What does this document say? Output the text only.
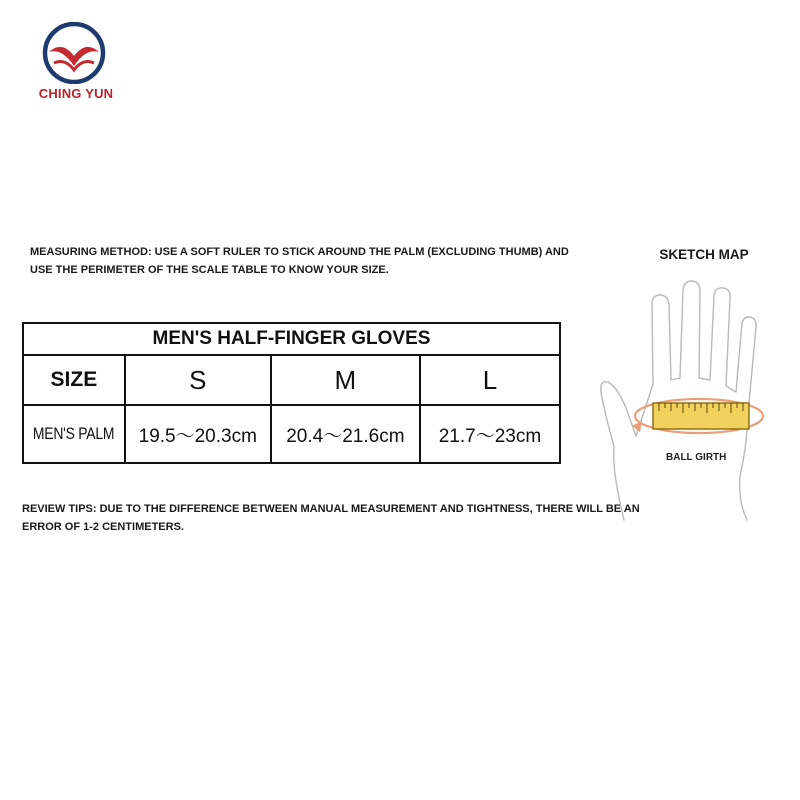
CHING YUN
MEASURING METHOD: USE A SOFT RULER TO STICK AROUND THE PALM (EXCLUDING THUMB) AND USE THE PERIMETER OF THE SCALE TABLE TO KNOW YOUR SIZE.
MEN'S HALF-FINGER GLOVES			
SIZE	S	M	L
MEN'S PALM	19.5～20.3cm	20.4～21.6cm	21.7～23cm
REVIEW TIPS: DUE TO THE DIFFERENCE BETWEEN MANUAL MEASUREMENT AND TIGHTNESS, THERE WILL BE AN ERROR OF 1-2 CENTIMETERS.
SKETCH MAP
BALL GIRTH
